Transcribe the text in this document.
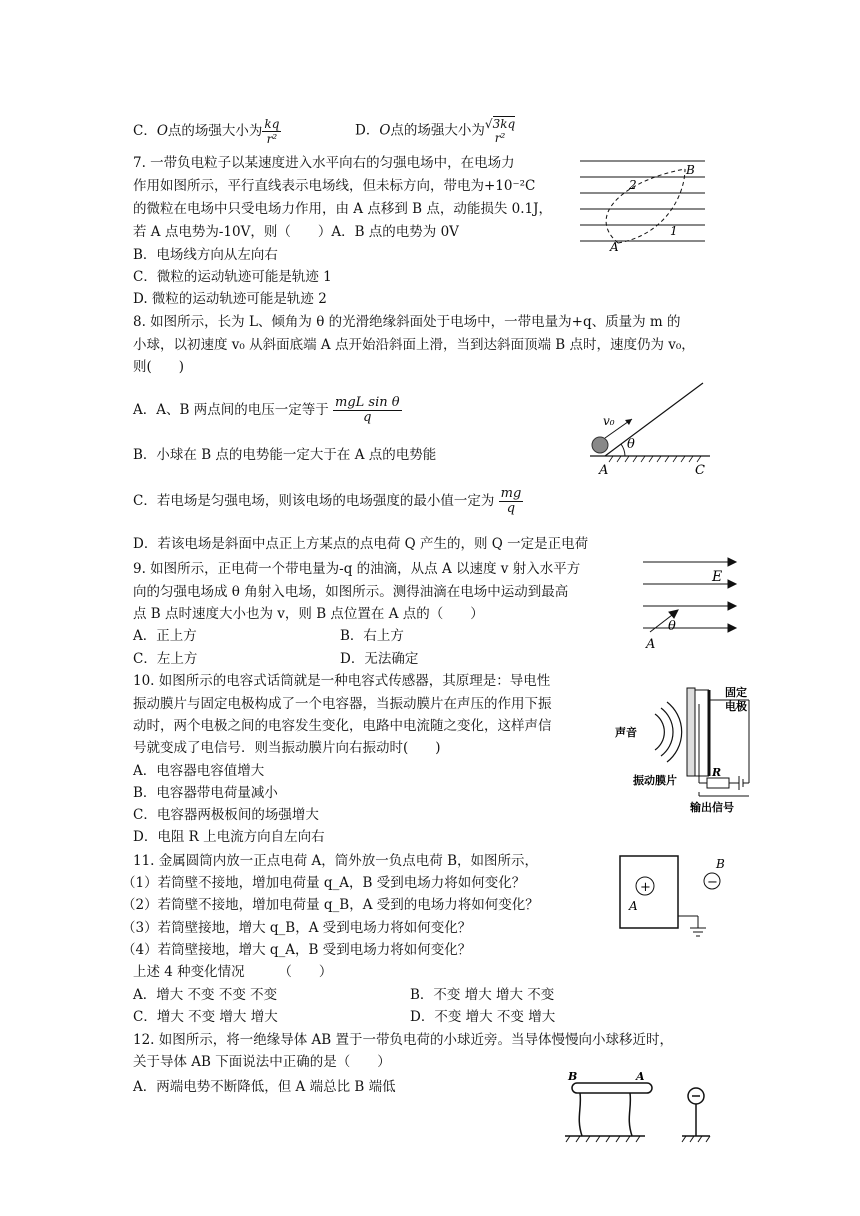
C．O点的场强大小为 $\frac{kq}{\text{r²}}$	D．O点的场强大小为 √3kq
r²
7. 一带负电粒子以某速度进入水平向右的匀强电场中，在电场力
作用如图所示，平行直线表示电场线，但未标方向，带电为+10⁻²C
的微粒在电场中只受电场力作用，由 A 点移到 B 点，动能损失 0.1J，
若 A 点电势为-10V，则（　　）A．B 点的电势为 0V
B．电场线方向从左向右
C．微粒的运动轨迹可能是轨迹 1
D. 微粒的运动轨迹可能是轨迹 2
B
2
A
1
8. 如图所示，长为 L、倾角为 θ 的光滑绝缘斜面处于电场中，一带电量为+q、质量为 m 的
小球，以初速度 v₀ 从斜面底端 A 点开始沿斜面上滑，当到达斜面顶端 B 点时，速度仍为 v₀，
则(　　)
A．A、B 两点间的电压一定等于 $\frac{\text{mgL sin θ}}{q}$
B．小球在 B 点的电势能一定大于在 A 点的电势能
C．若电场是匀强电场，则该电场的电场强度的最小值一定为 $\frac{mg}{q}$
D．若该电场是斜面中点正上方某点的点电荷 Q 产生的，则 Q 一定是正电荷
v₀
θ
A	C
9. 如图所示，正电荷一个带电量为-q 的油滴，从点 A 以速度 v 射入水平方
向的匀强电场成 θ 角射入电场，如图所示。测得油滴在电场中运动到最高
点 B 点时速度大小也为 v，则 B 点位置在 A 点的（　　）
A．正上方	B．右上方
C．左上方	D．无法确定
E
θ
A
10. 如图所示的电容式话筒就是一种电容式传感器，其原理是：导电性
振动膜片与固定电极构成了一个电容器，当振动膜片在声压的作用下振
动时，两个电极之间的电容发生变化，电路中电流随之变化，这样声信
号就变成了电信号．则当振动膜片向右振动时(　　)
A．电容器电容值增大
B．电容器带电荷量减小
C．电容器两极板间的场强增大
D．电阻 R 上电流方向自左向右
固定
电极
声音
振动膜片
R
输出信号
11. 金属圆筒内放一正点电荷 A，筒外放一负点电荷 B，如图所示，
（1）若筒壁不接地，增加电荷量 q_A，B 受到电场力将如何变化？
（2）若筒壁不接地，增加电荷量 q_B，A 受到的电场力将如何变化？
（3）若筒壁接地，增大 q_B，A 受到电场力将如何变化？
（4）若筒壁接地，增大 q_A，B 受到电场力将如何变化？
上述 4 种变化情况　　　（　　）
A．增大 不变 不变 不变	B．不变 增大 增大 不变
C．增大 不变 增大 增大	D．不变 增大 不变 增大
+
A
−
B
12. 如图所示，将一绝缘导体 AB 置于一带负电荷的小球近旁。当导体慢慢向小球移近时，
关于导体 AB 下面说法中正确的是（　　）
A．两端电势不断降低，但 A 端总比 B 端低
B	A
